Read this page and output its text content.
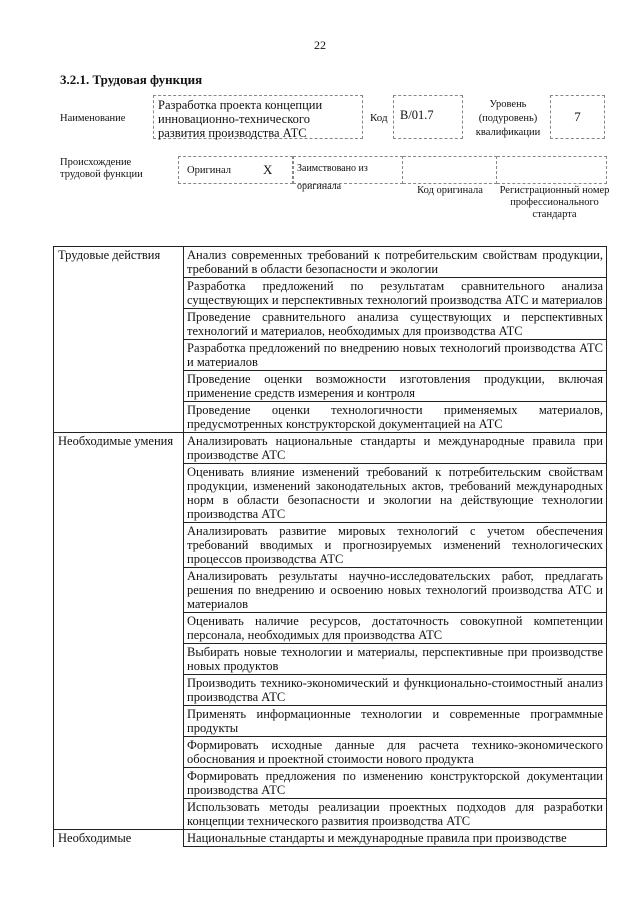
22
3.2.1. Трудовая функция
Наименование
Разработка проекта концепции инновационно-технического развития производства АТС
Код В/01.7
Уровень (подуровень) квалификации
7
Происхождение трудовой функции	Оригинал X	Заимствовано из оригинала	Код оригинала	Регистрационный номер профессионального стандарта
Трудовые действия	Анализ современных требований к потребительским свойствам продукции, требований в области безопасности и экологии
	Разработка предложений по результатам сравнительного анализа существующих и перспективных технологий производства АТС и материалов
	Проведение сравнительного анализа существующих и перспективных технологий и материалов, необходимых для производства АТС
	Разработка предложений по внедрению новых технологий производства АТС и материалов
	Проведение оценки возможности изготовления продукции, включая применение средств измерения и контроля
	Проведение оценки технологичности применяемых материалов, предусмотренных конструкторской документацией на АТС
Необходимые умения	Анализировать национальные стандарты и международные правила при производстве АТС
	Оценивать влияние изменений требований к потребительским свойствам продукции, изменений законодательных актов, требований международных норм в области безопасности и экологии на действующие технологии производства АТС
	Анализировать развитие мировых технологий с учетом обеспечения требований вводимых и прогнозируемых изменений технологических процессов производства АТС
	Анализировать результаты научно-исследовательских работ, предлагать решения по внедрению и освоению новых технологий производства АТС и материалов
	Оценивать наличие ресурсов, достаточность совокупной компетенции персонала, необходимых для производства АТС
	Выбирать новые технологии и материалы, перспективные при производстве новых продуктов
	Производить технико-экономический и функционально-стоимостный анализ производства АТС
	Применять информационные технологии и современные программные продукты
	Формировать исходные данные для расчета технико-экономического обоснования и проектной стоимости нового продукта
	Формировать предложения по изменению конструкторской документации производства АТС
	Использовать методы реализации проектных подходов для разработки концепции технического развития производства АТС
Необходимые	Национальные стандарты и международные правила при производстве
